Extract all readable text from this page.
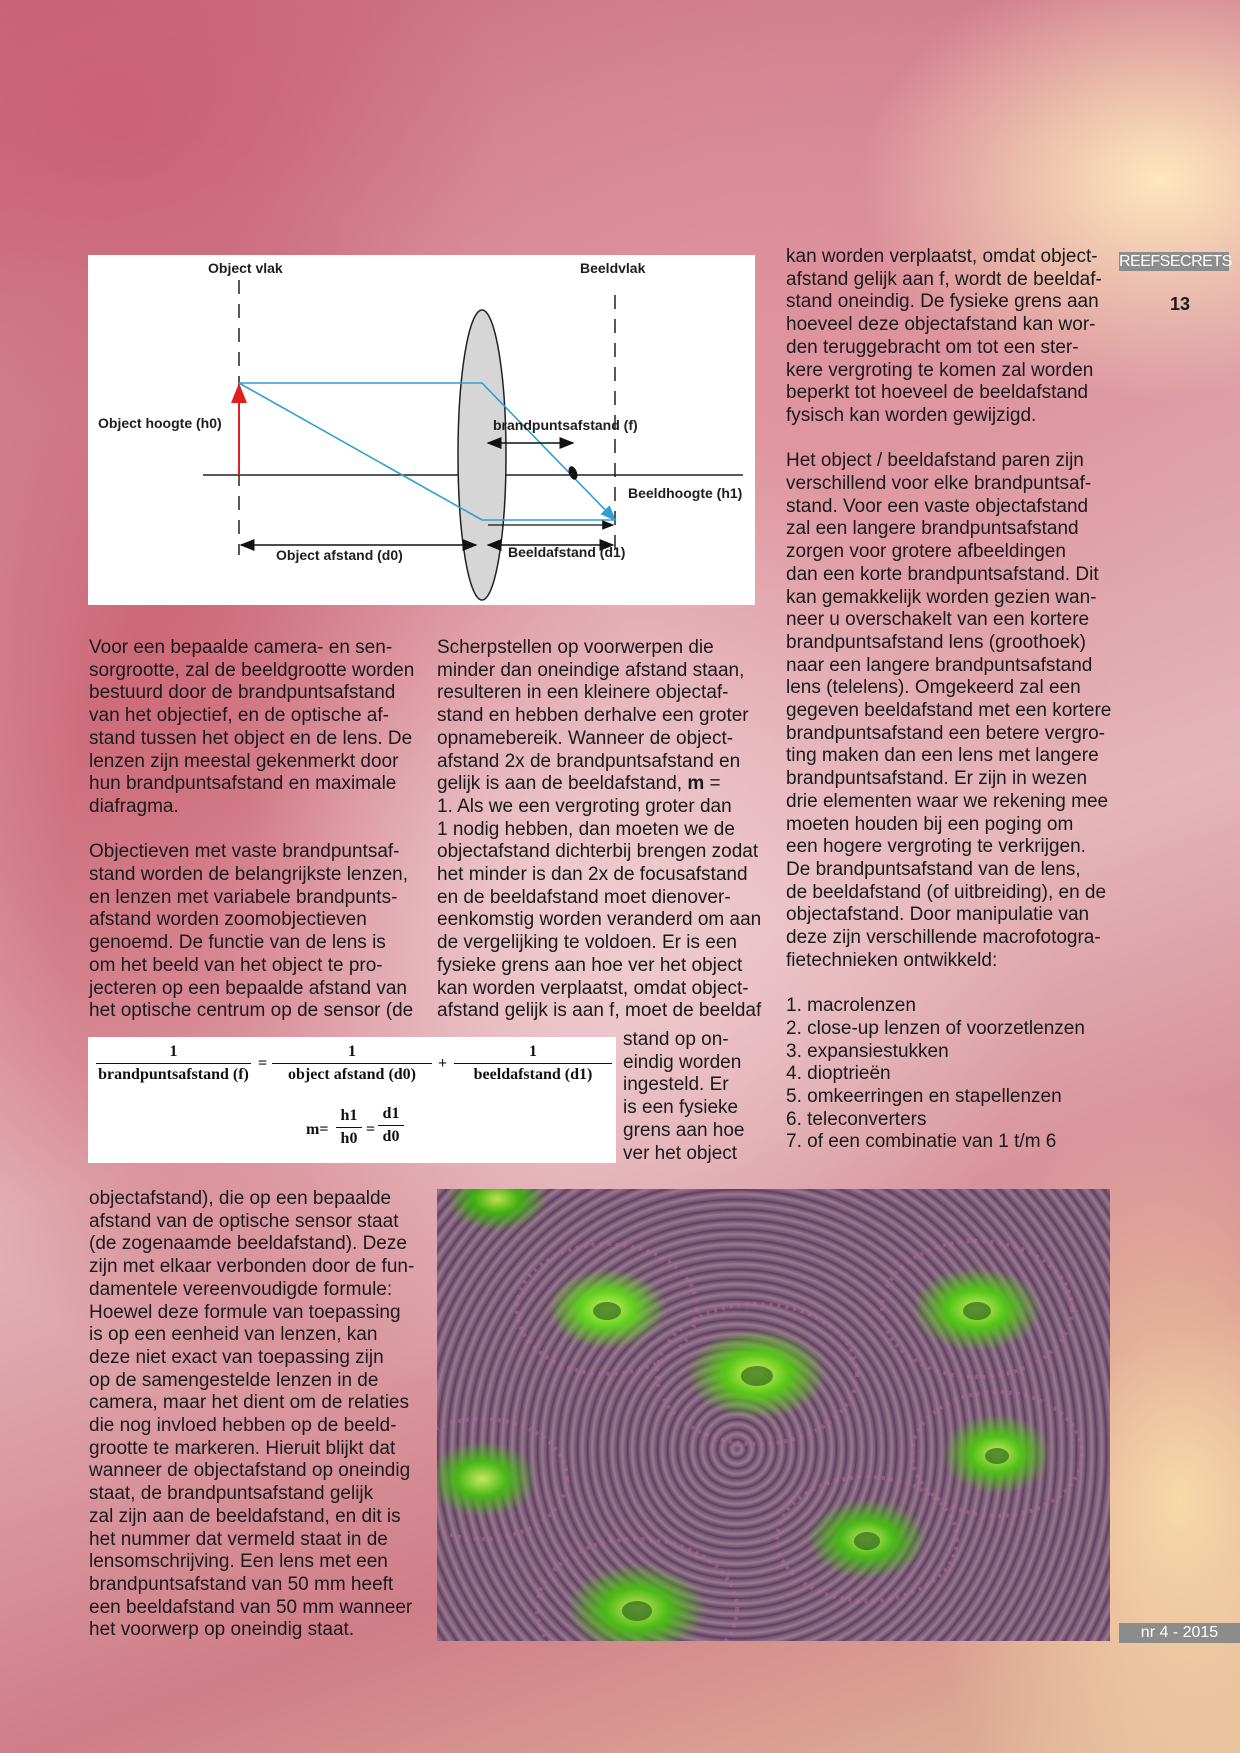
REEFSECRETS
13
Object vlak	Beeldvlak
Object hoogte (h0)	brandpuntsafstand (f)
Beeldhoogte (h1)
Object afstand (d0)	Beeldafstand (d1)

Voor een bepaalde camera- en sen-
sorgrootte, zal de beeldgrootte worden
bestuurd door de brandpuntsafstand
van het objectief, en de optische af-
stand tussen het object en de lens. De
lenzen zijn meestal gekenmerkt door
hun brandpuntsafstand en maximale
diafragma.

Objectieven met vaste brandpuntsaf-
stand worden de belangrijkste lenzen,
en lenzen met variabele brandpunts-
afstand worden zoomobjectieven
genoemd. De functie van de lens is
om het beeld van het object te pro-
jecteren op een bepaalde afstand van
het optische centrum op de sensor (de

1
brandpuntsafstand (f)
=
1
object afstand (d0)
+
1
beeldafstand (d1)
$m= \frac{h1}{h0} = \frac{d1}{d0}$

objectafstand), die op een bepaalde
afstand van de optische sensor staat
(de zogenaamde beeldafstand). Deze
zijn met elkaar verbonden door de fun-
damentele vereenvoudigde formule:
Hoewel deze formule van toepassing
is op een eenheid van lenzen, kan
deze niet exact van toepassing zijn
op de samengestelde lenzen in de
camera, maar het dient om de relaties
die nog invloed hebben op de beeld-
grootte te markeren. Hieruit blijkt dat
wanneer de objectafstand op oneindig
staat, de brandpuntsafstand gelijk
zal zijn aan de beeldafstand, en dit is
het nummer dat vermeld staat in de
lensomschrijving. Een lens met een
brandpuntsafstand van 50 mm heeft
een beeldafstand van 50 mm wanneer
het voorwerp op oneindig staat.

Scherpstellen op voorwerpen die
minder dan oneindige afstand staan,
resulteren in een kleinere objectaf-
stand en hebben derhalve een groter
opnamebereik. Wanneer de object-
afstand 2x de brandpuntsafstand en
gelijk is aan de beeldafstand, m =
1. Als we een vergroting groter dan
1 nodig hebben, dan moeten we de
objectafstand dichterbij brengen zodat
het minder is dan 2x de focusafstand
en de beeldafstand moet dienover-
eenkomstig worden veranderd om aan
de vergelijking te voldoen. Er is een
fysieke grens aan hoe ver het object
kan worden verplaatst, omdat object-
afstand gelijk is aan f, moet de beeldaf

stand op on-
eindig worden
ingesteld. Er
is een fysieke
grens aan hoe
ver het object

kan worden verplaatst, omdat object-
afstand gelijk aan f, wordt de beeldaf-
stand oneindig. De fysieke grens aan
hoeveel deze objectafstand kan wor-
den teruggebracht om tot een ster-
kere vergroting te komen zal worden
beperkt tot hoeveel de beeldafstand
fysisch kan worden gewijzigd.

Het object / beeldafstand paren zijn
verschillend voor elke brandpuntsaf-
stand. Voor een vaste objectafstand
zal een langere brandpuntsafstand
zorgen voor grotere afbeeldingen
dan een korte brandpuntsafstand. Dit
kan gemakkelijk worden gezien wan-
neer u overschakelt van een kortere
brandpuntsafstand lens (groothoek)
naar een langere brandpuntsafstand
lens (telelens). Omgekeerd zal een
gegeven beeldafstand met een kortere
brandpuntsafstand een betere vergro-
ting maken dan een lens met langere
brandpuntsafstand. Er zijn in wezen
drie elementen waar we rekening mee
moeten houden bij een poging om
een hogere vergroting te verkrijgen.
De brandpuntsafstand van de lens,
de beeldafstand (of uitbreiding), en de
objectafstand. Door manipulatie van
deze zijn verschillende macrofotogra-
fietechnieken ontwikkeld:

1. macrolenzen
2. close-up lenzen of voorzetlenzen
3. expansiestukken
4. dioptrieën
5. omkeerringen en stapellenzen
6. teleconverters
7. of een combinatie van 1 t/m 6
nr 4 - 2015
